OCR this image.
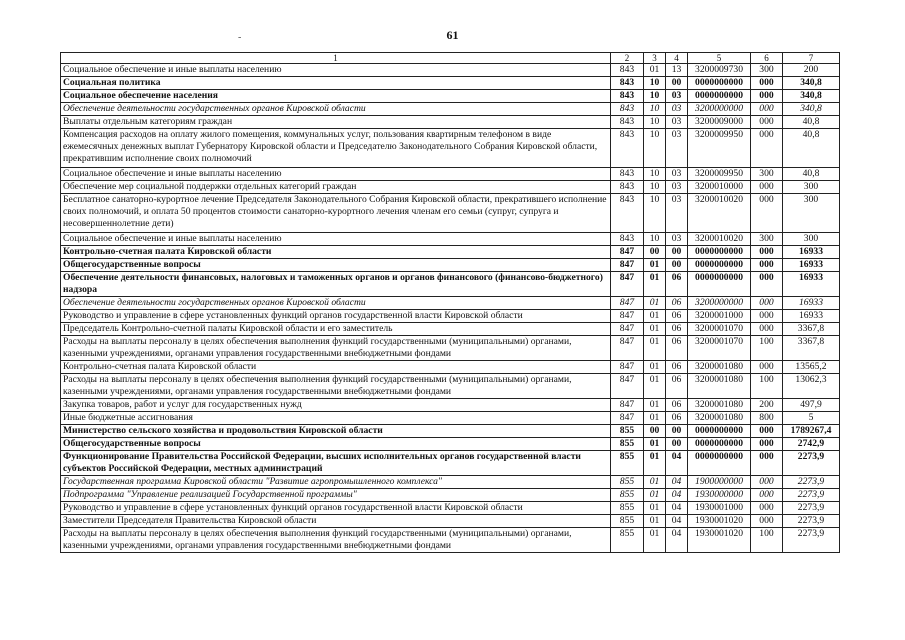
61
-
1	2	3	4	5	6	7
Социальное обеспечение и иные выплаты населению	843	01	13	3200009730	300	200
Социальная политика	843	10	00	0000000000	000	340,8
Социальное обеспечение населения	843	10	03	0000000000	000	340,8
Обеспечение деятельности государственных органов Кировской области	843	10	03	3200000000	000	340,8
Выплаты отдельным категориям граждан	843	10	03	3200009000	000	40,8
Компенсация расходов на оплату жилого помещения, коммунальных услуг, пользования квартирным телефоном в виде ежемесячных денежных выплат Губернатору Кировской области и Председателю Законодательного Собрания Кировской области, прекратившим исполнение своих полномочий	843	10	03	3200009950	000	40,8
Социальное обеспечение и иные выплаты населению	843	10	03	3200009950	300	40,8
Обеспечение мер социальной поддержки отдельных категорий граждан	843	10	03	3200010000	000	300
Бесплатное санаторно-курортное лечение Председателя Законодательного Собрания Кировской области, прекратившего исполнение своих полномочий, и оплата 50 процентов стоимости санаторно-курортного лечения членам его семьи (супруг, супруга и несовершеннолетние дети)	843	10	03	3200010020	000	300
Социальное обеспечение и иные выплаты населению	843	10	03	3200010020	300	300
Контрольно-счетная палата Кировской области	847	00	00	0000000000	000	16933
Общегосударственные вопросы	847	01	00	0000000000	000	16933
Обеспечение деятельности финансовых, налоговых и таможенных органов и органов финансового (финансово-бюджетного) надзора	847	01	06	0000000000	000	16933
Обеспечение деятельности государственных органов Кировской области	847	01	06	3200000000	000	16933
Руководство и управление в сфере установленных функций органов государственной власти Кировской области	847	01	06	3200001000	000	16933
Председатель Контрольно-счетной палаты Кировской области и его заместитель	847	01	06	3200001070	000	3367,8
Расходы на выплаты персоналу в целях обеспечения выполнения функций государственными (муниципальными) органами, казенными учреждениями, органами управления государственными внебюджетными фондами	847	01	06	3200001070	100	3367,8
Контрольно-счетная палата Кировской области	847	01	06	3200001080	000	13565,2
Расходы на выплаты персоналу в целях обеспечения выполнения функций государственными (муниципальными) органами, казенными учреждениями, органами управления государственными внебюджетными фондами	847	01	06	3200001080	100	13062,3
Закупка товаров, работ и услуг для государственных нужд	847	01	06	3200001080	200	497,9
Иные бюджетные ассигнования	847	01	06	3200001080	800	5
Министерство сельского хозяйства и продовольствия Кировской области	855	00	00	0000000000	000	1789267,4
Общегосударственные вопросы	855	01	00	0000000000	000	2742,9
Функционирование Правительства Российской Федерации, высших исполнительных органов государственной власти субъектов Российской Федерации, местных администраций	855	01	04	0000000000	000	2273,9
Государственная программа Кировской области "Развитие агропромышленного комплекса"	855	01	04	1900000000	000	2273,9
Подпрограмма "Управление реализацией Государственной программы"	855	01	04	1930000000	000	2273,9
Руководство и управление в сфере установленных функций органов государственной власти Кировской области	855	01	04	1930001000	000	2273,9
Заместители Председателя Правительства Кировской области	855	01	04	1930001020	000	2273,9
Расходы на выплаты персоналу в целях обеспечения выполнения функций государственными (муниципальными) органами, казенными учреждениями, органами управления государственными внебюджетными фондами	855	01	04	1930001020	100	2273,9
